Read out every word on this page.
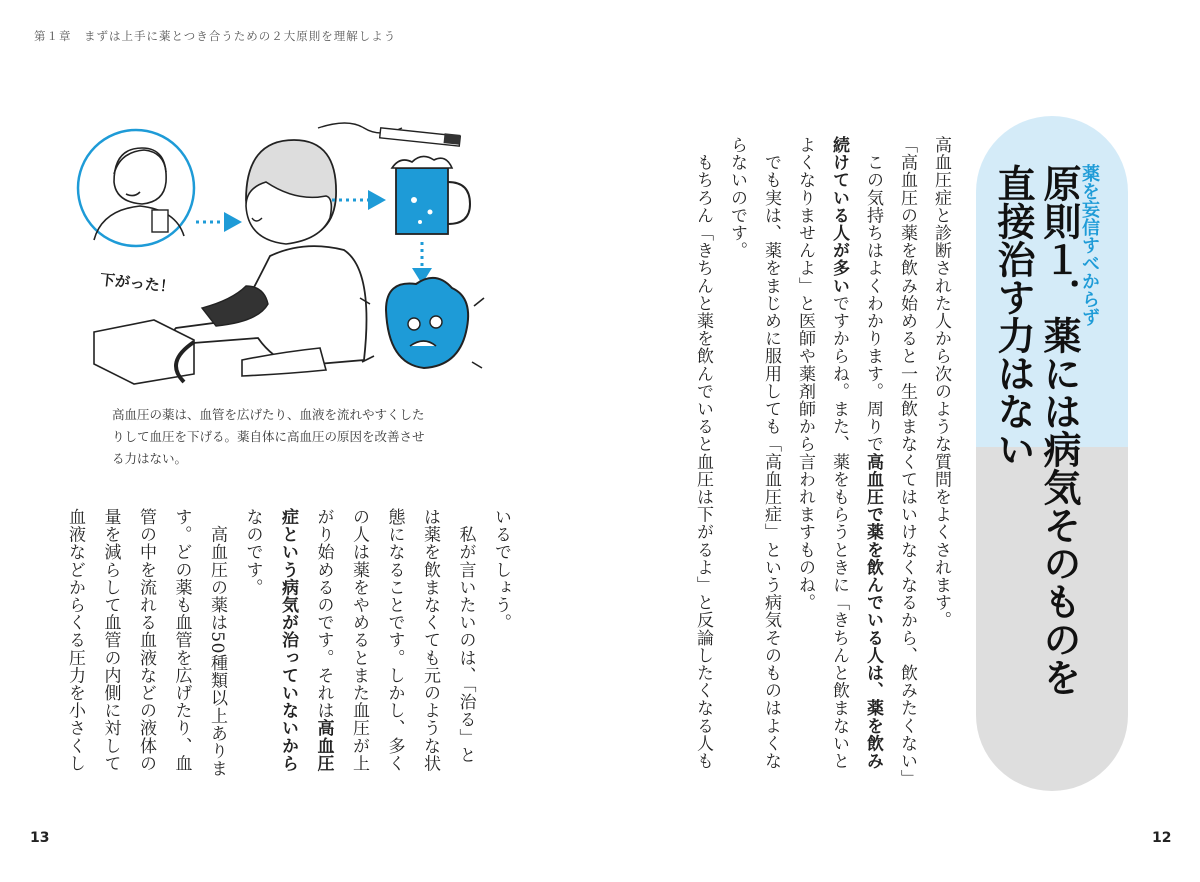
第１章　まずは上手に薬とつき合うための２大原則を理解しよう
薬を妄信すべからず
原則１．薬には病気そのものを
直接治す力はない
高血圧症と診断された人から次のような質問をよくされます。
「高血圧の薬を飲み始めると一生飲まなくてはいけなくなるから、飲みたくない」
　この気持ちはよくわかります。周りで高血圧で薬を飲んでいる人は、薬を飲み
続けている人が多いですからね。また、薬をもらうときに「きちんと飲まないと
よくなりませんよ」と医師や薬剤師から言われますものね。
　でも実は、薬をまじめに服用しても「高血圧症」という病気そのものはよくな
らないのです。
　もちろん「きちんと薬を飲んでいると血圧は下がるよ」と反論したくなる人も
いるでしょう。
　私が言いたいのは、「治る」と
は薬を飲まなくても元のような状
態になることです。しかし、多く
の人は薬をやめるとまた血圧が上
がり始めるのです。それは高血圧
症という病気が治っていないから
なのです。
　高血圧の薬は50種類以上ありま
す。どの薬も血管を広げたり、血
管の中を流れる血液などの液体の
量を減らして血管の内側に対して
血液などからくる圧力を小さくし
下がった！
高血圧の薬は、血管を広げたり、血液を流れやすくした
りして血圧を下げる。薬自体に高血圧の原因を改善させ
る力はない。
13	12
